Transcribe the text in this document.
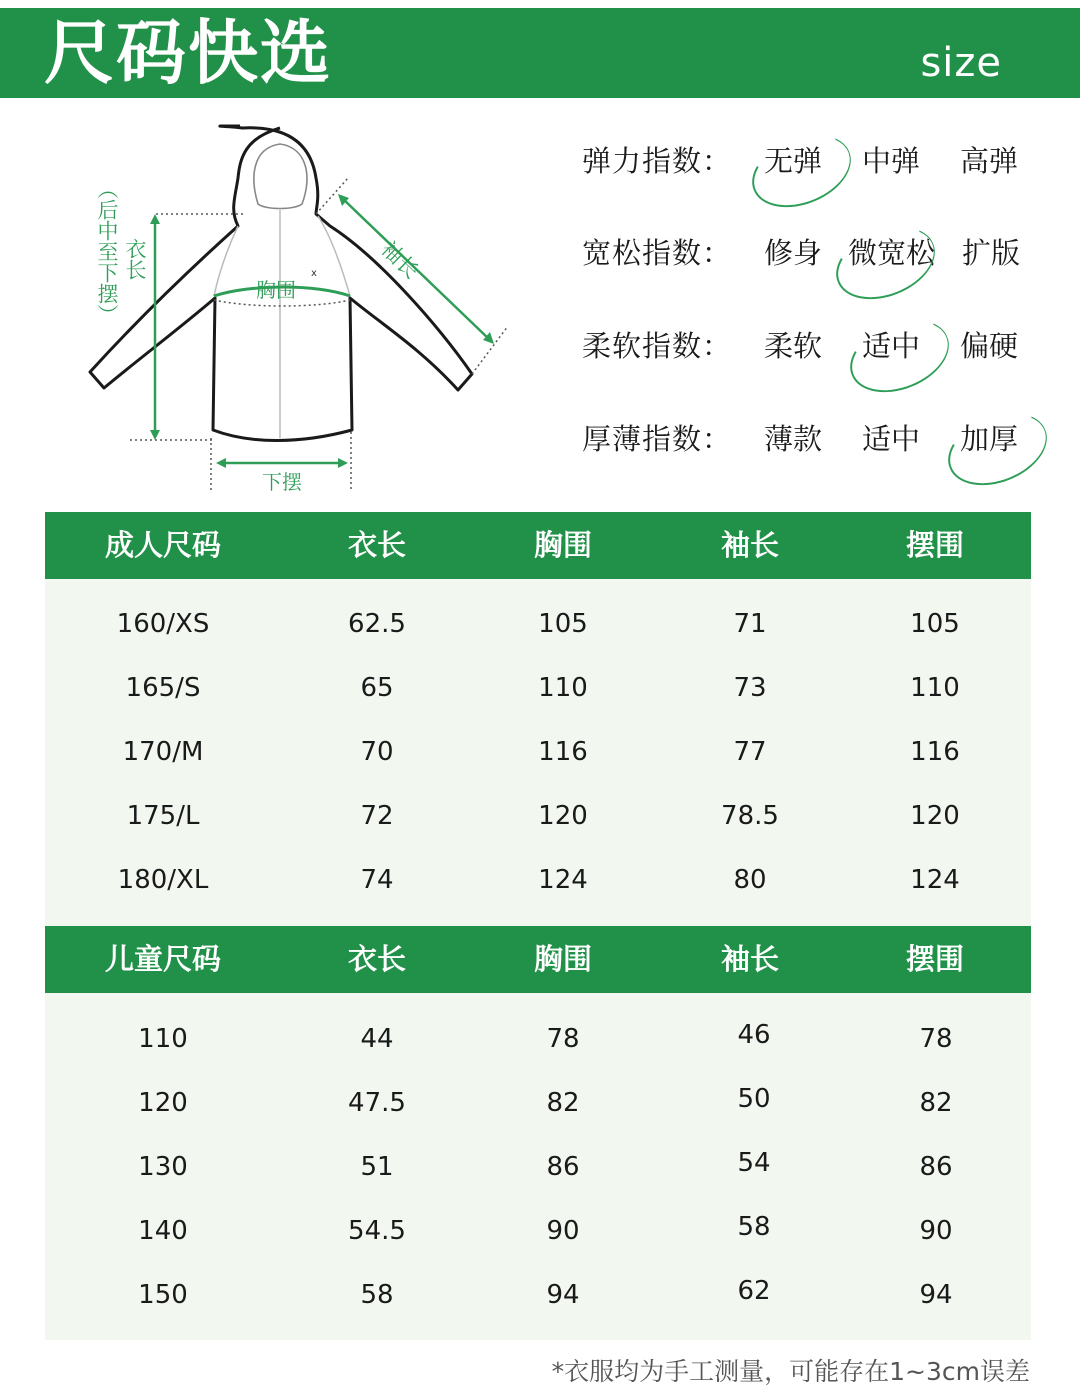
尺码快选	size
x
（后中至下摆） 衣长
胸围
袖长
下摆
弹力指数： 无弹 中弹 高弹
宽松指数： 修身 微宽松 扩版
柔软指数： 柔软 适中 偏硬
厚薄指数： 薄款 适中 加厚
成人尺码	衣长	胸围	袖长	摆围
160/XS	62.5	105	71	105
165/S	65	110	73	110
170/M	70	116	77	116
175/L	72	120	78.5	120
180/XL	74	124	80	124
儿童尺码	衣长	胸围	袖长	摆围
110	44	78	46	78
120	47.5	82	50	82
130	51	86	54	86
140	54.5	90	58	90
150	58	94	62	94
*衣服均为手工测量，可能存在1~3cm误差
